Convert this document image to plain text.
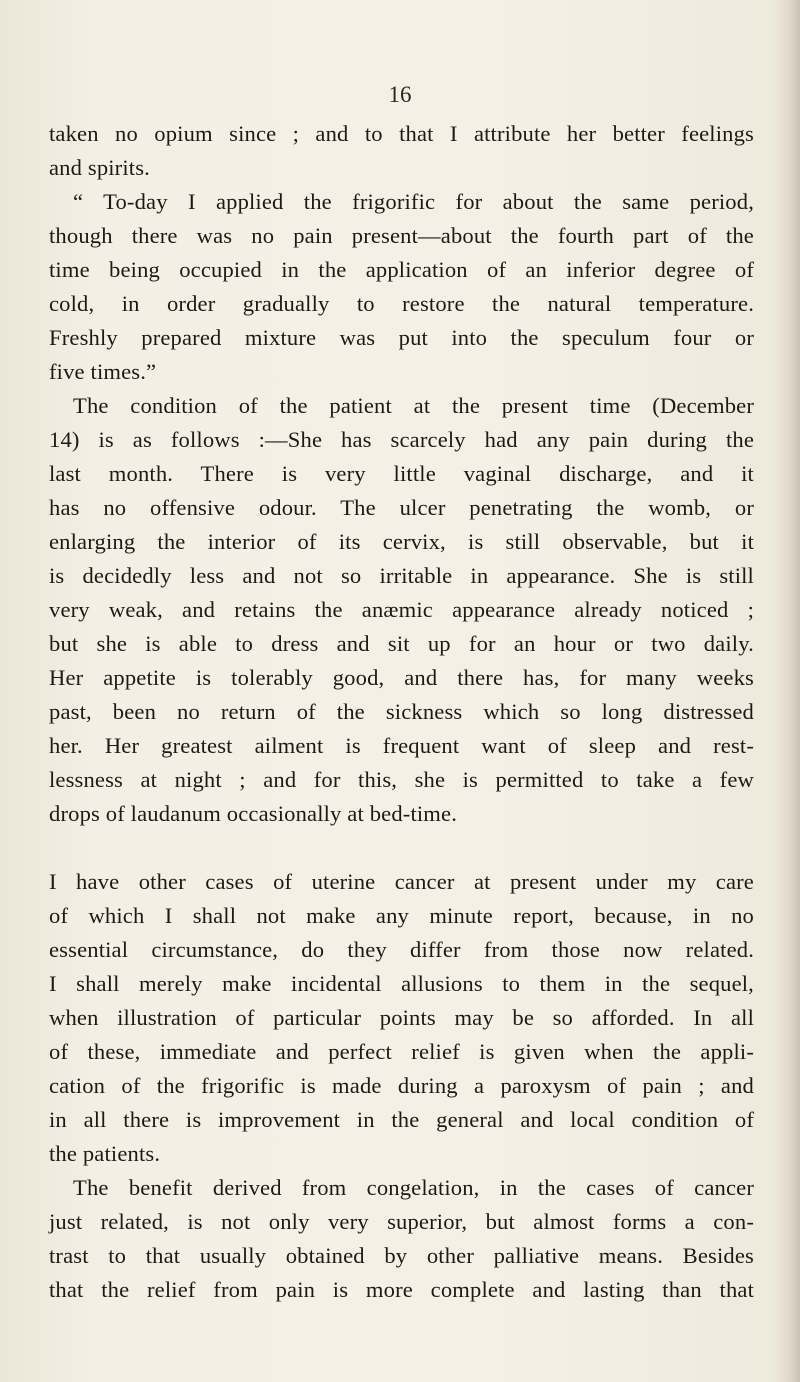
16
taken no opium since ; and to that I attribute her better feelings
and spirits.
“ To-day I applied the frigorific for about the same period,
though there was no pain present—about the fourth part of the
time being occupied in the application of an inferior degree of
cold, in order gradually to restore the natural temperature.
Freshly prepared mixture was put into the speculum four or
five times.”
The condition of the patient at the present time (December
14) is as follows :—She has scarcely had any pain during the
last month. There is very little vaginal discharge, and it
has no offensive odour. The ulcer penetrating the womb, or
enlarging the interior of its cervix, is still observable, but it
is decidedly less and not so irritable in appearance. She is still
very weak, and retains the anæmic appearance already noticed ;
but she is able to dress and sit up for an hour or two daily.
Her appetite is tolerably good, and there has, for many weeks
past, been no return of the sickness which so long distressed
her. Her greatest ailment is frequent want of sleep and rest-
lessness at night ; and for this, she is permitted to take a few
drops of laudanum occasionally at bed-time.
I have other cases of uterine cancer at present under my care
of which I shall not make any minute report, because, in no
essential circumstance, do they differ from those now related.
I shall merely make incidental allusions to them in the sequel,
when illustration of particular points may be so afforded. In all
of these, immediate and perfect relief is given when the appli-
cation of the frigorific is made during a paroxysm of pain ; and
in all there is improvement in the general and local condition of
the patients.
The benefit derived from congelation, in the cases of cancer
just related, is not only very superior, but almost forms a con-
trast to that usually obtained by other palliative means. Besides
that the relief from pain is more complete and lasting than that
